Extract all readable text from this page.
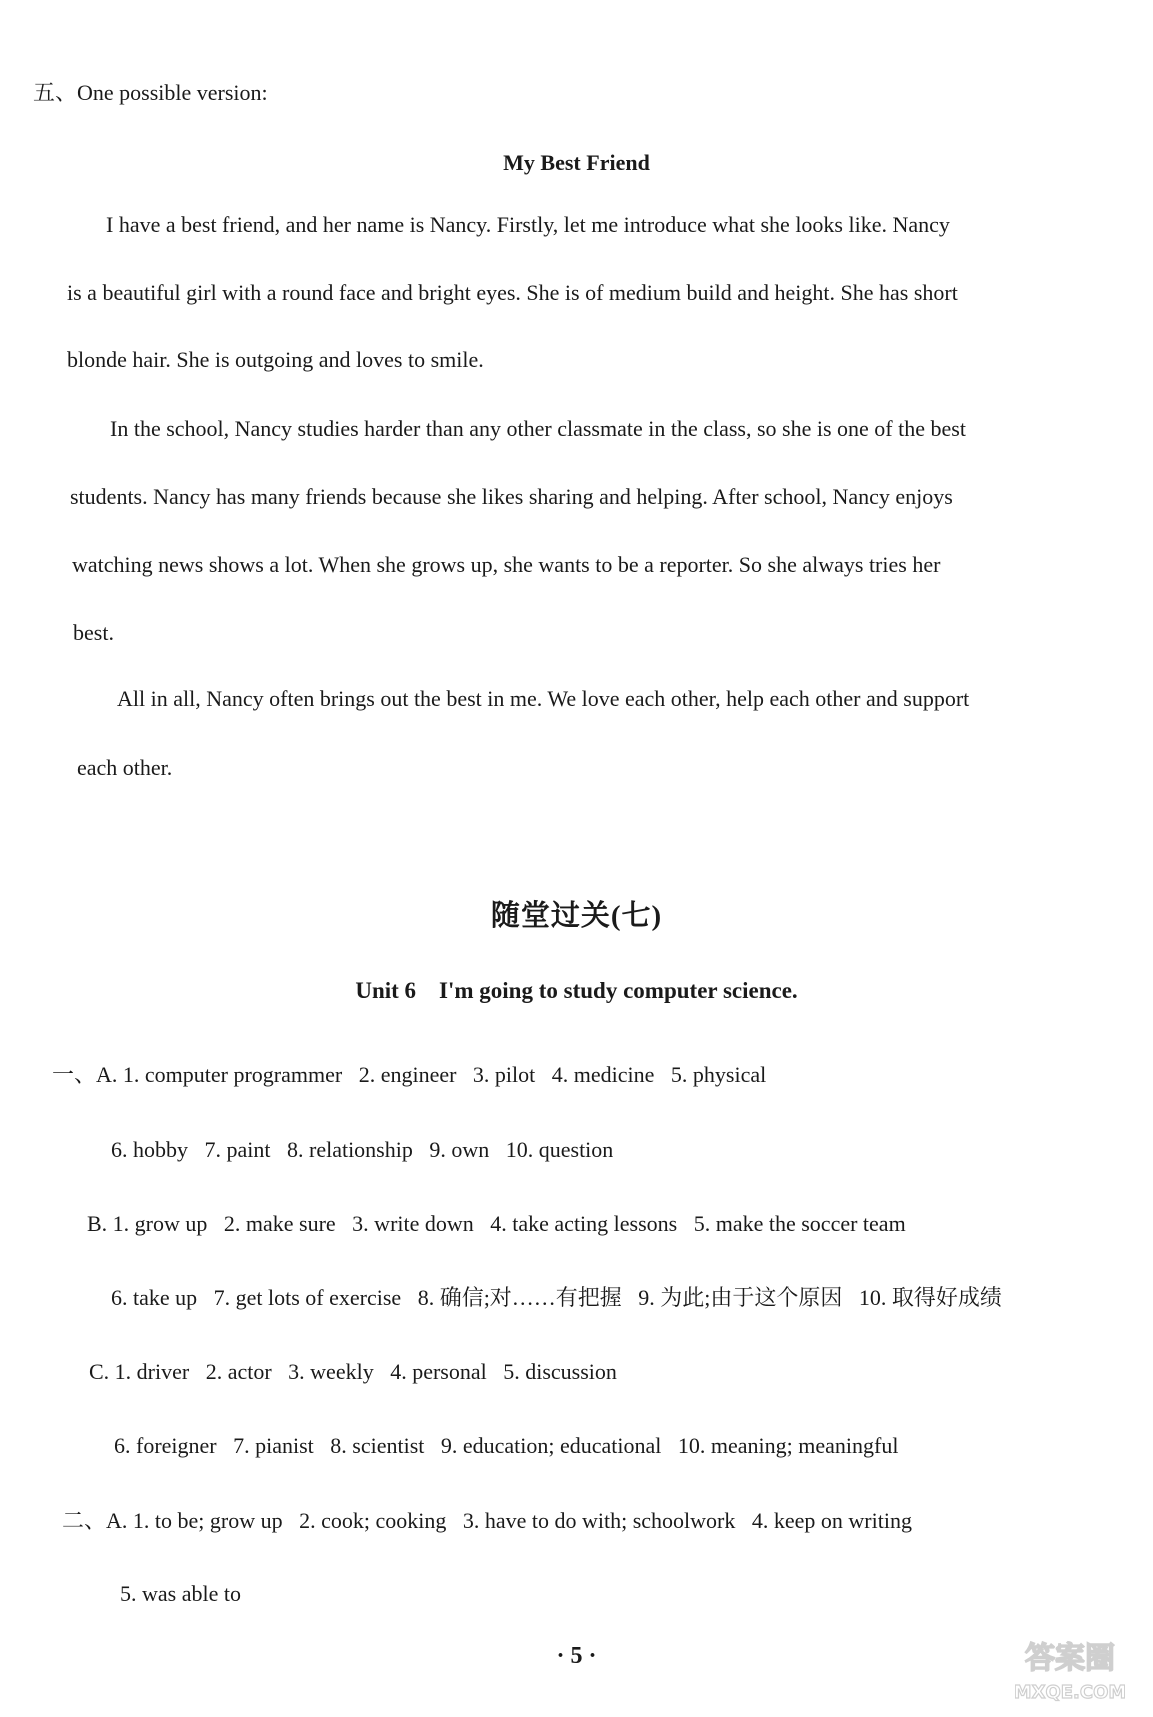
五、One possible version:
My Best Friend
I have a best friend, and her name is Nancy. Firstly, let me introduce what she looks like. Nancy
is a beautiful girl with a round face and bright eyes. She is of medium build and height. She has short
blonde hair. She is outgoing and loves to smile.
In the school, Nancy studies harder than any other classmate in the class, so she is one of the best
students. Nancy has many friends because she likes sharing and helping. After school, Nancy enjoys
watching news shows a lot. When she grows up, she wants to be a reporter. So she always tries her
best.
All in all, Nancy often brings out the best in me. We love each other, help each other and support
each other.
随堂过关(七)
Unit 6    I'm going to study computer science.
一、A. 1. computer programmer   2. engineer   3. pilot   4. medicine   5. physical
6. hobby   7. paint   8. relationship   9. own   10. question
B. 1. grow up   2. make sure   3. write down   4. take acting lessons   5. make the soccer team
6. take up   7. get lots of exercise   8. 确信;对……有把握   9. 为此;由于这个原因   10. 取得好成绩
C. 1. driver   2. actor   3. weekly   4. personal   5. discussion
6. foreigner   7. pianist   8. scientist   9. education; educational   10. meaning; meaningful
二、A. 1. to be; grow up   2. cook; cooking   3. have to do with; schoolwork   4. keep on writing
5. was able to
· 5 ·	答案圈
MXQE.COM
